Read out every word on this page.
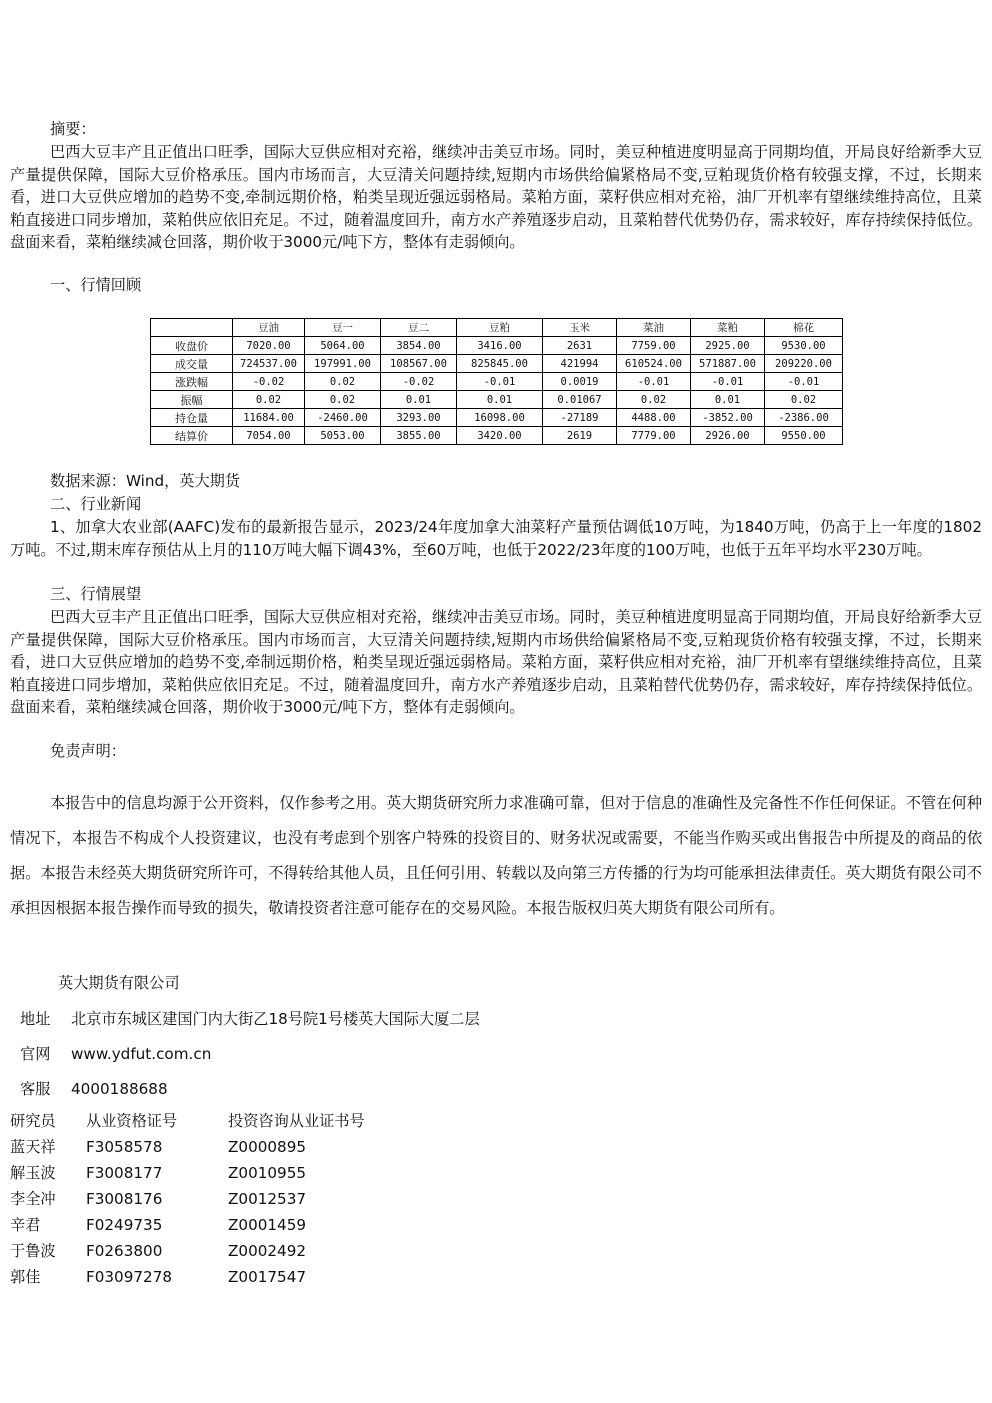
摘要：

巴西大豆丰产且正值出口旺季，国际大豆供应相对充裕，继续冲击美豆市场。同时，美豆种植进度明显高于同期均值，开局良好给新季大豆产量提供保障，国际大豆价格承压。国内市场而言，大豆清关问题持续,短期内市场供给偏紧格局不变,豆粕现货价格有较强支撑，不过，长期来看，进口大豆供应增加的趋势不变,牵制远期价格，粕类呈现近强远弱格局。菜粕方面，菜籽供应相对充裕，油厂开机率有望继续维持高位，且菜粕直接进口同步增加，菜粕供应依旧充足。不过，随着温度回升，南方水产养殖逐步启动，且菜粕替代优势仍存，需求较好，库存持续保持低位。盘面来看，菜粕继续减仓回落，期价收于3000元/吨下方，整体有走弱倾向。

一、行情回顾
	豆油	豆一	豆二	豆粕	玉米	菜油	菜粕	棉花
收盘价	7020.00	5064.00	3854.00	3416.00	2631	7759.00	2925.00	9530.00
成交量	724537.00	197991.00	108567.00	825845.00	421994	610524.00	571887.00	209220.00
涨跌幅	-0.02	0.02	-0.02	-0.01	0.0019	-0.01	-0.01	-0.01
振幅	0.02	0.02	0.01	0.01	0.01067	0.02	0.01	0.02
持仓量	11684.00	-2460.00	3293.00	16098.00	-27189	4488.00	-3852.00	-2386.00
结算价	7054.00	5053.00	3855.00	3420.00	2619	7779.00	2926.00	9550.00
数据来源：Wind，英大期货
二、行业新闻

1、加拿大农业部(AAFC)发布的最新报告显示，2023/24年度加拿大油菜籽产量预估调低10万吨，为1840万吨，仍高于上一年度的1802万吨。不过,期末库存预估从上月的110万吨大幅下调43%，至60万吨，也低于2022/23年度的100万吨，也低于五年平均水平230万吨。

三、行情展望

巴西大豆丰产且正值出口旺季，国际大豆供应相对充裕，继续冲击美豆市场。同时，美豆种植进度明显高于同期均值，开局良好给新季大豆产量提供保障，国际大豆价格承压。国内市场而言，大豆清关问题持续,短期内市场供给偏紧格局不变,豆粕现货价格有较强支撑，不过，长期来看，进口大豆供应增加的趋势不变,牵制远期价格，粕类呈现近强远弱格局。菜粕方面，菜籽供应相对充裕，油厂开机率有望继续维持高位，且菜粕直接进口同步增加，菜粕供应依旧充足。不过，随着温度回升，南方水产养殖逐步启动，且菜粕替代优势仍存，需求较好，库存持续保持低位。盘面来看，菜粕继续减仓回落，期价收于3000元/吨下方，整体有走弱倾向。

免责声明：

本报告中的信息均源于公开资料，仅作参考之用。英大期货研究所力求准确可靠，但对于信息的准确性及完备性不作任何保证。不管在何种情况下，本报告不构成个人投资建议，也没有考虑到个别客户特殊的投资目的、财务状况或需要，不能当作购买或出售报告中所提及的商品的依据。本报告未经英大期货研究所许可，不得转给其他人员，且任何引用、转载以及向第三方传播的行为均可能承担法律责任。英大期货有限公司不承担因根据本报告操作而导致的损失，敬请投资者注意可能存在的交易风险。本报告版权归英大期货有限公司所有。

英大期货有限公司
地址 北京市东城区建国门内大街乙18号院1号楼英大国际大厦二层
官网 www.ydfut.com.cn
客服 4000188688
研究员 从业资格证号	投资咨询从业证书号
蓝天祥 F3058578	Z0000895
解玉波 F3008177	Z0010955
李全冲 F3008176	Z0012537
辛君	F0249735	Z0001459
于鲁波 F0263800	Z0002492
郭佳	F03097278	Z0017547
